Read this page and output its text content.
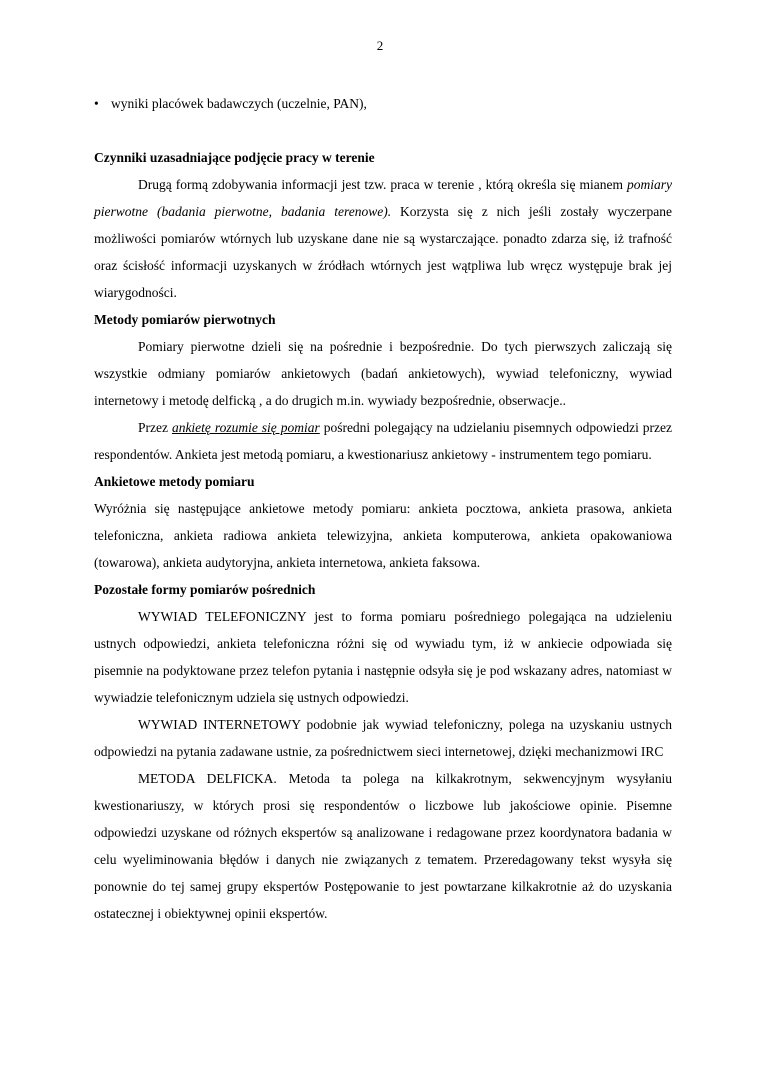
2
• wyniki placówek badawczych (uczelnie, PAN),
Czynniki uzasadniające podjęcie pracy w terenie

Drugą formą zdobywania informacji jest tzw. praca w terenie , którą określa się mianem pomiary pierwotne (badania pierwotne, badania terenowe). Korzysta się z nich jeśli zostały wyczerpane możliwości pomiarów wtórnych lub uzyskane dane nie są wystarczające. ponadto zdarza się, iż trafność oraz ścisłość informacji uzyskanych w źródłach wtórnych jest wątpliwa lub wręcz występuje brak jej wiarygodności.

Metody pomiarów pierwotnych

Pomiary pierwotne dzieli się na pośrednie i bezpośrednie. Do tych pierwszych zaliczają się wszystkie odmiany pomiarów ankietowych (badań ankietowych), wywiad telefoniczny, wywiad internetowy i metodę delficką , a do drugich m.in. wywiady bezpośrednie, obserwacje..

Przez ankietę rozumie się pomiar pośredni polegający na udzielaniu pisemnych odpowiedzi przez respondentów. Ankieta jest metodą pomiaru, a kwestionariusz ankietowy - instrumentem tego pomiaru.

Ankietowe metody pomiaru

Wyróżnia się następujące ankietowe metody pomiaru: ankieta pocztowa, ankieta prasowa, ankieta telefoniczna, ankieta radiowa ankieta telewizyjna, ankieta komputerowa, ankieta opakowaniowa (towarowa), ankieta audytoryjna, ankieta internetowa, ankieta faksowa.

Pozostałe formy pomiarów pośrednich

WYWIAD TELEFONICZNY jest to forma pomiaru pośredniego polegająca na udzieleniu ustnych odpowiedzi, ankieta telefoniczna różni się od wywiadu tym, iż w ankiecie odpowiada się pisemnie na podyktowane przez telefon pytania i następnie odsyła się je pod wskazany adres, natomiast w wywiadzie telefonicznym udziela się ustnych odpowiedzi.

WYWIAD INTERNETOWY podobnie jak wywiad telefoniczny, polega na uzyskaniu ustnych odpowiedzi na pytania zadawane ustnie, za pośrednictwem sieci internetowej, dzięki mechanizmowi IRC

METODA DELFICKA. Metoda ta polega na kilkakrotnym, sekwencyjnym wysyłaniu kwestionariuszy, w których prosi się respondentów o liczbowe lub jakościowe opinie. Pisemne odpowiedzi uzyskane od różnych ekspertów są analizowane i redagowane przez koordynatora badania w celu wyeliminowania błędów i danych nie związanych z tematem. Przeredagowany tekst wysyła się ponownie do tej samej grupy ekspertów Postępowanie to jest powtarzane kilkakrotnie aż do uzyskania ostatecznej i obiektywnej opinii ekspertów.
